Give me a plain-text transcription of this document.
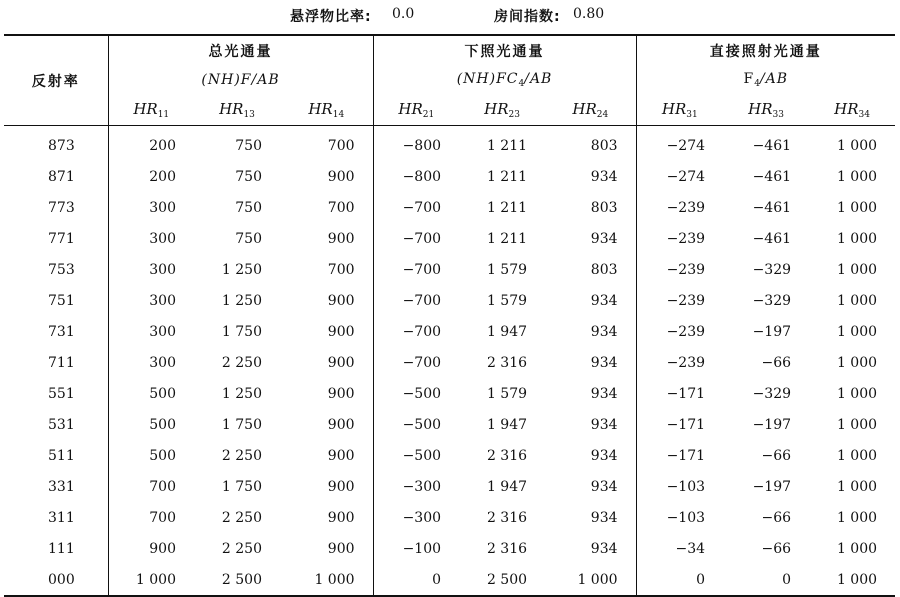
悬浮物比率: 0.0	房间指数: 0.80
反射率	总光通量			下照光通量			直接照射光通量		
	(NH)F/AB			$(NH)FC_4/AB$			$F_4/AB$		
	$HR_{11}$	$HR_{13}$	$HR_{14}$	$HR_{21}$	$HR_{23}$	$HR_{24}$	$HR_{31}$	$HR_{33}$	$HR_{34}$
873	200	750	700	−800	1 211	803	−274	−461	1 000
871	200	750	900	−800	1 211	934	−274	−461	1 000
773	300	750	700	−700	1 211	803	−239	−461	1 000
771	300	750	900	−700	1 211	934	−239	−461	1 000
753	300	1 250	700	−700	1 579	803	−239	−329	1 000
751	300	1 250	900	−700	1 579	934	−239	−329	1 000
731	300	1 750	900	−700	1 947	934	−239	−197	1 000
711	300	2 250	900	−700	2 316	934	−239	−66	1 000
551	500	1 250	900	−500	1 579	934	−171	−329	1 000
531	500	1 750	900	−500	1 947	934	−171	−197	1 000
511	500	2 250	900	−500	2 316	934	−171	−66	1 000
331	700	1 750	900	−300	1 947	934	−103	−197	1 000
311	700	2 250	900	−300	2 316	934	−103	−66	1 000
111	900	2 250	900	−100	2 316	934	−34	−66	1 000
000	1 000	2 500	1 000	0	2 500	1 000	0	0	1 000
